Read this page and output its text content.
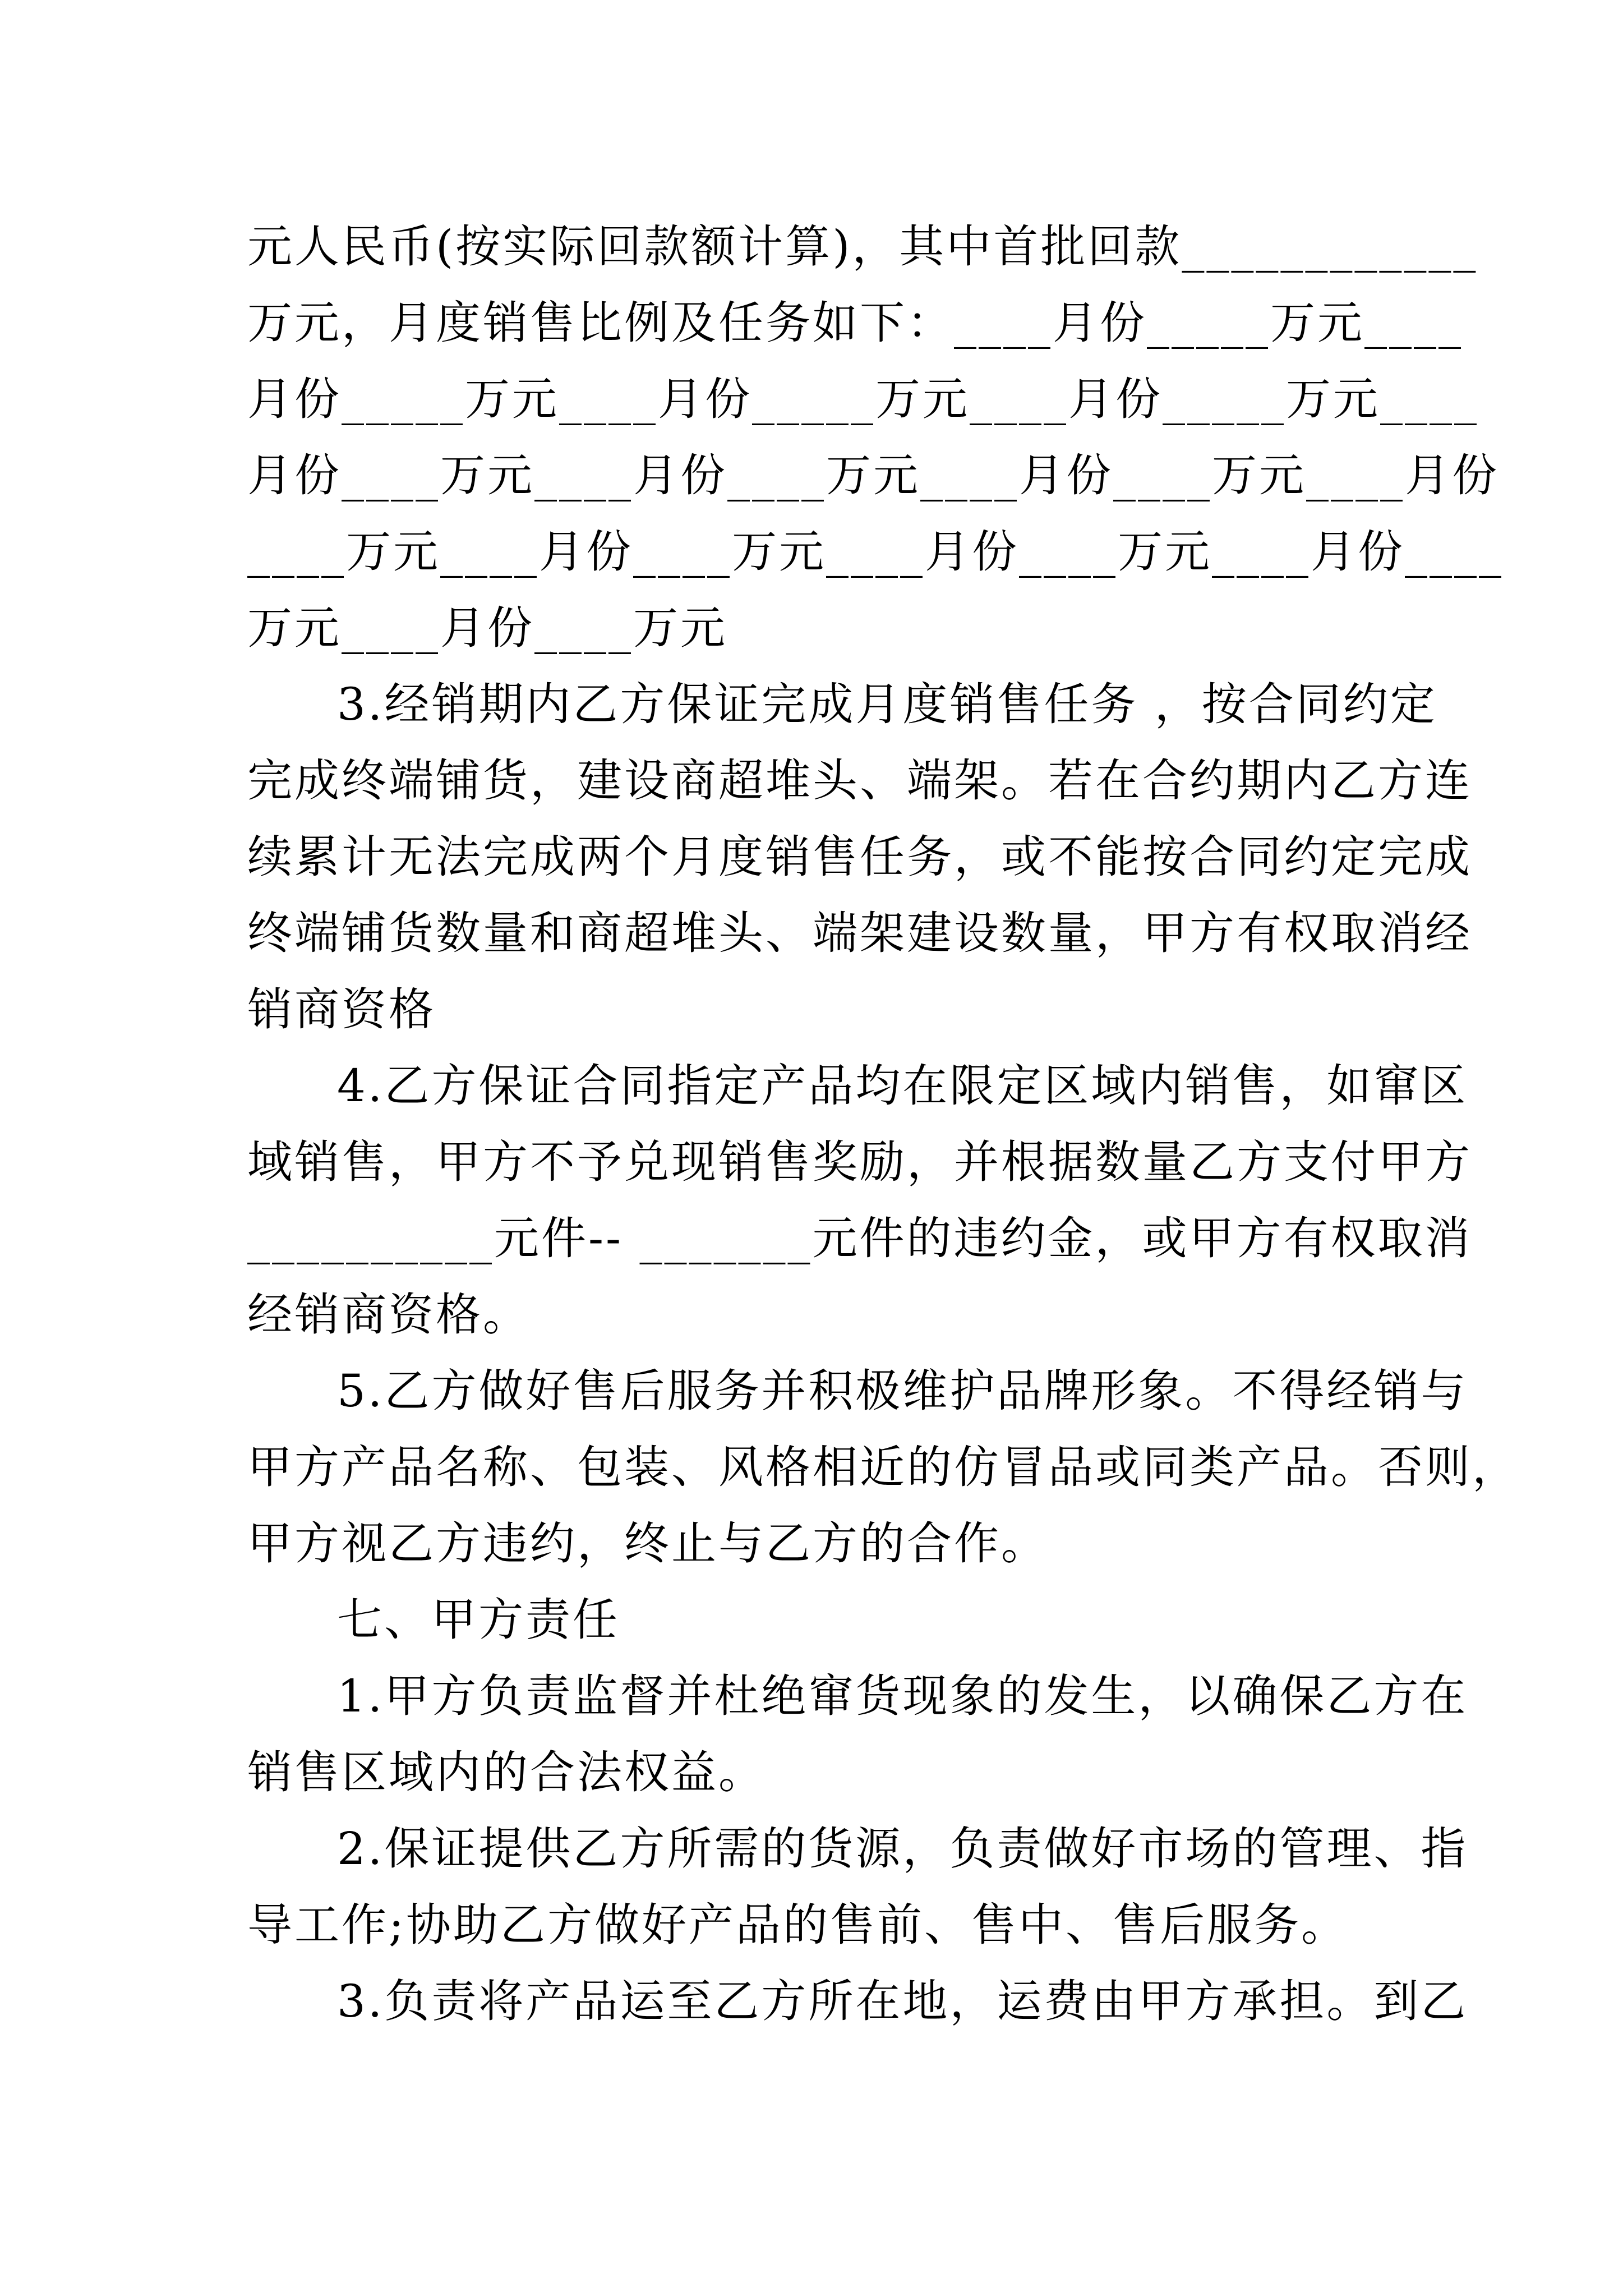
元人民币(按实际回款额计算)，其中首批回款____________
万元，月度销售比例及任务如下：____月份_____万元____
月份_____万元____月份_____万元____月份_____万元____
月份____万元____月份____万元____月份____万元____月份
____万元____月份____万元____月份____万元____月份____
万元____月份____万元
3.经销期内乙方保证完成月度销售任务 ，按合同约定
完成终端铺货，建设商超堆头、端架。若在合约期内乙方连
续累计无法完成两个月度销售任务，或不能按合同约定完成
终端铺货数量和商超堆头、端架建设数量，甲方有权取消经
销商资格
4.乙方保证合同指定产品均在限定区域内销售，如窜区
域销售，甲方不予兑现销售奖励，并根据数量乙方支付甲方
__________元件-- _______元件的违约金，或甲方有权取消
经销商资格。
5.乙方做好售后服务并积极维护品牌形象。不得经销与
甲方产品名称、包装、风格相近的仿冒品或同类产品。否则，
甲方视乙方违约，终止与乙方的合作。
七、甲方责任
1.甲方负责监督并杜绝窜货现象的发生，以确保乙方在
销售区域内的合法权益。
2.保证提供乙方所需的货源，负责做好市场的管理、指
导工作;协助乙方做好产品的售前、售中、售后服务。
3.负责将产品运至乙方所在地，运费由甲方承担。到乙
